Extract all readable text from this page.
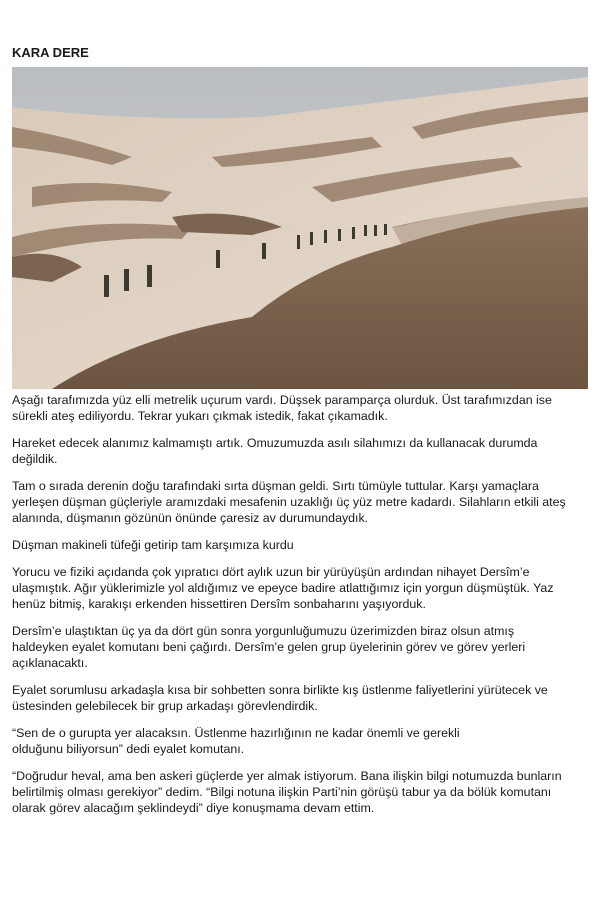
KARA DERE

Aşağı tarafımızda yüz elli metrelik uçurum vardı. Düşsek paramparça olurduk. Üst tarafımızdan ise
sürekli ateş ediliyordu. Tekrar yukarı çıkmak istedik, fakat çıkamadık.

Hareket edecek alanımız kalmamıştı artık. Omuzumuzda asılı silahımızı da kullanacak durumda
değildik.

Tam o sırada derenin doğu tarafındaki sırta düşman geldi. Sırtı tümüyle tuttular. Karşı yamaçlara
yerleşen düşman güçleriyle aramızdaki mesafenin uzaklığı üç yüz metre kadardı. Silahların etkili ateş
alanında, düşmanın gözünün önünde çaresiz av durumundaydık.

Düşman makineli tüfeği getirip tam karşımıza kurdu

Yorucu ve fiziki açıdanda çok yıpratıcı dört aylık uzun bir yürüyüşün ardından nihayet Dersîm’e
ulaşmıştık. Ağır yüklerimizle yol aldığımız ve epeyce badire atlattığımız için yorgun düşmüştük. Yaz
henüz bitmiş, karakışı erkenden hissettiren Dersîm sonbaharını yaşıyorduk.

Dersîm’e ulaştıktan üç ya da dört gün sonra yorgunluğumuzu üzerimizden biraz olsun atmış
haldeyken eyalet komutanı beni çağırdı. Dersîm’e gelen grup üyelerinin görev ve görev yerleri
açıklanacaktı.

Eyalet sorumlusu arkadaşla kısa bir sohbetten sonra birlikte kış üstlenme faliyetlerini yürütecek ve
üstesinden gelebilecek bir grup arkadaşı görevlendirdik.

“Sen de o gurupta yer alacaksın. Üstlenme hazırlığının ne kadar önemli ve gerekli
olduğunu biliyorsun” dedi eyalet komutanı.

“Doğrudur heval, ama ben askeri güçlerde yer almak istiyorum. Bana ilişkin bilgi notumuzda bunların
belirtilmiş olması gerekiyor” dedim. “Bilgi notuna ilişkin Parti’nin görüşü tabur ya da bölük komutanı
olarak görev alacağım şeklindeydi” diye konuşmama devam ettim.
